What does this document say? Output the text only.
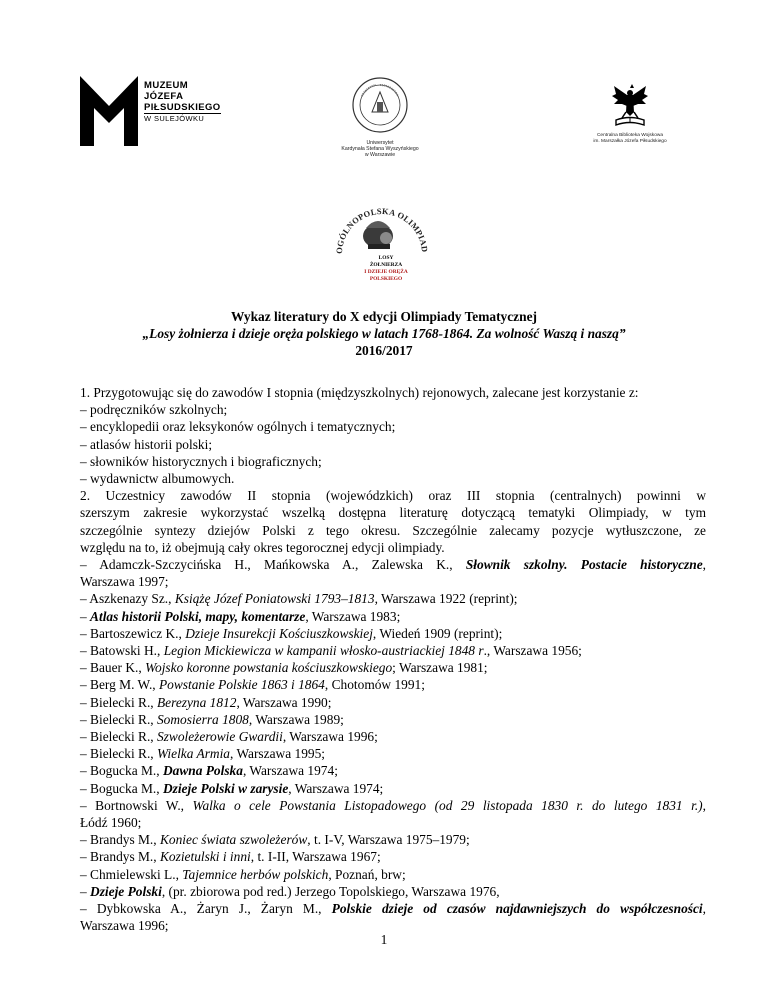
MUZEUM
JÓZEFA
PIŁSUDSKIEGO
W SULEJÓWKU
Uniwersytet
Kardynała Stefana Wyszyńskiego
w Warszawie
Centralna Biblioteka Wojskowa
im. Marszałka Józefa Piłsudskiego
OGÓLNOPOLSKA OLIMPIAD
LOSY
ŻOŁNIERZA
I DZIEJE ORĘŻA
POLSKIEGO
Wykaz literatury do X edycji Olimpiady Tematycznej
„Losy żołnierza i dzieje oręża polskiego w latach 1768-1864. Za wolność Waszą i naszą”
2016/2017

1. Przygotowując się do zawodów I stopnia (międzyszkolnych) rejonowych, zalecane jest korzystanie z:

– podręczników szkolnych;

– encyklopedii oraz leksykonów ogólnych i tematycznych;

– atlasów historii polski;

– słowników historycznych i biograficznych;

– wydawnictw albumowych.

2. Uczestnicy zawodów II stopnia (wojewódzkich) oraz III stopnia (centralnych) powinni w

szerszym zakresie wykorzystać wszelką dostępna literaturę dotyczącą tematyki Olimpiady, w tym

szczególnie syntezy dziejów Polski z tego okresu. Szczególnie zalecamy pozycje wytłuszczone, ze

względu na to, iż obejmują cały okres tegorocznej edycji olimpiady.

– Adamczk-Szczycińska H., Mańkowska A., Zalewska K., Słownik szkolny. Postacie historyczne,

Warszawa 1997;

– Aszkenazy Sz., Książę Józef Poniatowski 1793–1813, Warszawa 1922 (reprint);

– Atlas historii Polski, mapy, komentarze, Warszawa 1983;

– Bartoszewicz K., Dzieje Insurekcji Kościuszkowskiej, Wiedeń 1909 (reprint);

– Batowski H., Legion Mickiewicza w kampanii włosko-austriackiej 1848 r., Warszawa 1956;

– Bauer K., Wojsko koronne powstania kościuszkowskiego; Warszawa 1981;

– Berg M. W., Powstanie Polskie 1863 i 1864, Chotomów 1991;

– Bielecki R., Berezyna 1812, Warszawa 1990;

– Bielecki R., Somosierra 1808, Warszawa 1989;

– Bielecki R., Szwoleżerowie Gwardii, Warszawa 1996;

– Bielecki R., Wielka Armia, Warszawa 1995;

– Bogucka M., Dawna Polska, Warszawa 1974;

– Bogucka M., Dzieje Polski w zarysie, Warszawa 1974;

– Bortnowski W., Walka o cele Powstania Listopadowego (od 29 listopada 1830 r. do lutego 1831 r.),

Łódź 1960;

– Brandys M., Koniec świata szwoleżerów, t. I-V, Warszawa 1975–1979;

– Brandys M., Kozietulski i inni, t. I-II, Warszawa 1967;

– Chmielewski L., Tajemnice herbów polskich, Poznań, brw;

– Dzieje Polski, (pr. zbiorowa pod red.) Jerzego Topolskiego, Warszawa 1976,

– Dybkowska A., Żaryn J., Żaryn M., Polskie dzieje od czasów najdawniejszych do współczesności,

Warszawa 1996;

1
